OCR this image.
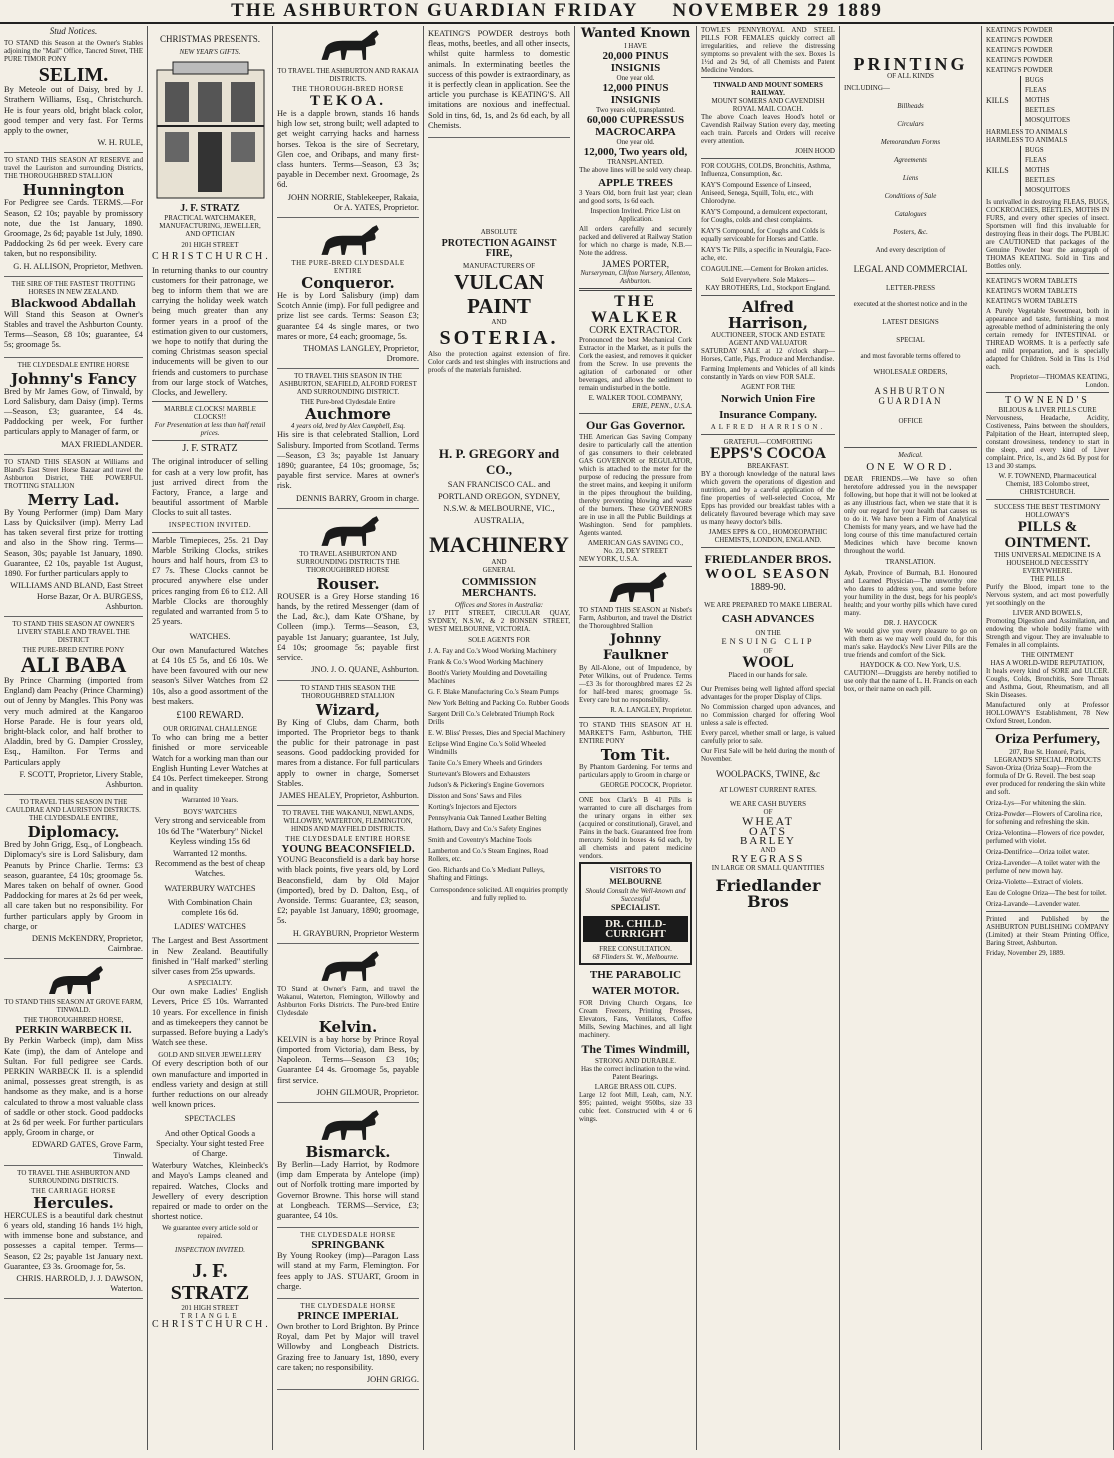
THE ASHBURTON GUARDIAN FRIDAY NOVEMBER 29 1889
Stud Notices.

TO STAND this Season at the Owner's Stables adjoining the "Mail" Office, Tancred Street, THE PURE TIMOR PONY

SELIM.

By Meteole out of Daisy, bred by J. Strathern Williams, Esq., Christchurch. He is four years old, bright black color, good temper and very fast. For Terms apply to the owner,

W. H. RULE,

TO STAND THIS SEASON AT RESERVE and travel the Lauriston and surrounding Districts, THE THOROUGHBRED STALLION

Hunnington

For Pedigree see Cards. TERMS.—For Season, £2 10s; payable by promissory note, due the 1st January, 1890. Groomage, 2s 6d; payable 1st July, 1890. Paddocking 2s 6d per week. Every care taken, but no responsibility.

G. H. ALLISON, Proprietor, Methven.

THE SIRE OF THE FASTEST TROTTING HORSES IN NEW ZEALAND.

Blackwood Abdallah

Will Stand this Season at Owner's Stables and travel the Ashburton County. Terms—Season, £8 10s; guarantee, £4 5s; groomage 5s.

THE CLYDESDALE ENTIRE HORSE

Johnny's Fancy

Bred by Mr James Gow, of Tinwald, by Lord Salisbury, dam Daisy (imp). Terms—Season, £3; guarantee, £4 4s. Paddocking per week, For further particulars apply to Manager of farm, or

MAX FRIEDLANDER.

TO STAND THIS SEASON at Williams and Bland's East Street Horse Bazaar and travel the Ashburton District, THE POWERFUL TROTTING STALLION

Merry Lad.

By Young Performer (imp) Dam Mary Lass by Quicksilver (imp). Merry Lad has taken several first prize for trotting and also in the Show ring. Terms—Season, 30s; payable 1st January, 1890. Guarantee, £2 10s, payable 1st August, 1890. For further particulars apply to

WILLIAMS AND BLAND, East Street Horse Bazar, Or A. BURGESS, Ashburton.

TO STAND THIS SEASON AT OWNER'S LIVERY STABLE AND TRAVEL THE DISTRICT

THE PURE-BRED ENTIRE PONY
ALI BABA

By Prince Charming (imported from England) dam Peachy (Prince Charming) out of Jenny by Mangles. This Pony was very much admired at the Kangaroo Horse Parade. He is four years old, bright-black color, and half brother to Aladdin, bred by G. Dampier Crossley, Esq., Hamilton. For Terms and Particulars apply

F. SCOTT, Proprietor, Livery Stable, Ashburton.

TO TRAVEL THIS SEASON IN THE CAULDRAE AND LAURISTON DISTRICTS. THE CLYDESDALE ENTIRE,

Diplomacy.

Bred by John Grigg, Esq., of Longbeach. Diplomacy's sire is Lord Salisbury, dam Peanuts by Prince Charlie. Terms: £3 season, guarantee, £4 10s; groomage 5s. Mares taken on behalf of owner. Good Paddocking for mares at 2s 6d per week, all care taken but no responsibility. For further particulars apply by Groom in charge, or

DENIS McKENDRY, Proprietor, Cairnbrae.

TO STAND THIS SEASON AT GROVE FARM, TINWALD.

THE THOROUGHBRED HORSE,
PERKIN WARBECK II.

By Perkin Warbeck (imp), dam Miss Kate (imp), the dam of Antelope and Sultan. For full pedigree see Cards. PERKIN WARBECK II. is a splendid animal, possesses great strength, is as handsome as they make, and is a horse calculated to throw a most valuable class of saddle or other stock. Good paddocks at 2s 6d per week. For further particulars apply, Groom in charge, or

EDWARD GATES, Grove Farm, Tinwald.

TO TRAVEL THE ASHBURTON AND SURROUNDING DISTRICTS.

THE CARRIAGE HORSE
Hercules.

HERCULES is a beautiful dark chestnut 6 years old, standing 16 hands 1½ high, with immense bone and substance, and possesses a capital temper. Terms—Season, £2 2s; payable 1st January next. Guarantee, £3 3s. Groomage for, 5s.

CHRIS. HARROLD, J. J. DAWSON, Waterton.
CHRISTMAS PRESENTS.
NEW YEAR'S GIFTS.
J. F. STRATZ
PRACTICAL WATCHMAKER, MANUFACTURING, JEWELLER, AND OPTICIAN
201 HIGH STREET
CHRISTCHURCH.

In returning thanks to our country customers for their patronage, we beg to inform them that we are carrying the holiday week watch being much greater than any former years in a proof of the estimation given to our customers, we hope to notify that during the coming Christmas season special inducements will be given to our friends and customers to purchase from our large stock of Watches, Clocks, and Jewellery.

MARBLE CLOCKS! MARBLE CLOCKS!!
For Presentation at less than half retail prices.
J. F. STRATZ

The original introducer of selling for cash at a very low profit, has just arrived direct from the Factory, France, a large and beautiful assortment of Marble Clocks to suit all tastes.

INSPECTION INVITED.

Marble Timepieces, 25s. 21 Day Marble Striking Clocks, strikes hours and half hours, from £3 to £7 7s. These Clocks cannot be procured anywhere else under prices ranging from £6 to £12. All Marble Clocks are thoroughly regulated and warranted from 5 to 25 years.

WATCHES.

Our own Manufactured Watches at £4 10s £5 5s, and £6 10s. We have been favoured with our new season's Silver Watches from £2 10s, also a good assortment of the best makers.

£100 REWARD.
OUR ORIGINAL CHALLENGE

To who can bring me a better finished or more serviceable Watch for a working man than our English Hunting Lever Watches at £4 10s. Perfect timekeeper. Strong and in quality

Warranted 10 Years.
BOYS' WATCHES

Very strong and serviceable from 10s 6d The "Waterbury" Nickel Keyless winding 15s 6d

Warranted 12 months. Recommend as the best of cheap Watches.

WATERBURY WATCHES

With Combination Chain complete 16s 6d.

LADIES' WATCHES

The Largest and Best Assortment in New Zealand. Beautifully finished in "Half marked" sterling silver cases from 25s upwards.

A SPECIALTY.

Our own make Ladies' English Levers, Price £5 10s. Warranted 10 years. For excellence in finish and as timekeepers they cannot be surpassed. Before buying a Lady's Watch see these.

GOLD AND SILVER JEWELLERY

Of every description both of our own manufacture and imported in endless variety and design at still further reductions on our already well known prices.

SPECTACLES

And other Optical Goods a Specialty. Your sight tested Free of Charge.

Waterbury Watches, Kleinbeck's and Mayo's Lamps cleaned and repaired. Watches, Clocks and Jewellery of every description repaired or made to order on the shortest notice.

We guarantee every article sold or repaired.

INSPECTION INVITED.
J. F. STRATZ
201 HIGH STREET
TRIANGLE
CHRISTCHURCH.

TO TRAVEL THE ASHBURTON AND RAKAIA DISTRICTS.

THE THOROUGH-BRED HORSE
TEKOA.

He is a dapple brown, stands 16 hands high low set, strong built; well adapted to get weight carrying hacks and harness horses. Tekoa is the sire of Secretary, Glen coe, and Oribaps, and many first-class hunters. Terms—Season, £3 3s; payable in December next. Groomage, 2s 6d.

JOHN NORRIE, Stablekeeper, Rakaia, Or A. YATES, Proprietor.
THE PURE-BRED CLYDESDALE ENTIRE
Conqueror.

He is by Lord Salisbury (imp) dam Scotch Annie (imp). For full pedigree and prize list see cards. Terms: Season £3; guarantee £4 4s single mares, or two mares or more, £4 each; groomage, 5s.

THOMAS LANGLEY, Proprietor, Dromore.

TO TRAVEL THIS SEASON IN THE ASHBURTON, SEAFIELD, ALFORD FOREST AND SURROUNDING DISTRICT.

THE Pure-bred Clydesdale Entire
Auchmore
4 years old, bred by Alex Campbell, Esq.

His sire is that celebrated Stallion, Lord Salisbury. Imported from Scotland. Terms—Season, £3 3s; payable 1st January 1890; guarantee, £4 10s; groomage, 5s; payable first service. Mares at owner's risk.

DENNIS BARRY, Groom in charge.

TO TRAVEL ASHBURTON AND SURROUNDING DISTRICTS THE THOROUGHBRED HORSE

Rouser.

ROUSER is a Grey Horse standing 16 hands, by the retired Messenger (dam of the Lad, &c.), dam Kate O'Shane, by Colleen (imp.). Terms—Season, £3, payable 1st January; guarantee, 1st July, £4 10s; groomage 5s; payable first service.

JNO. J. O. QUANE, Ashburton.

TO STAND THIS SEASON THE THOROUGHBRED STALLION

Wizard,

By King of Clubs, dam Charm, both imported. The Proprietor begs to thank the public for their patronage in past seasons. Good paddocking provided for mares from a distance. For full particulars apply to owner in charge, Somerset Stables.

JAMES HEALEY, Proprietor, Ashburton.

TO TRAVEL THE WAKANUI, NEWLANDS, WILLOWBY, WATERTON, FLEMINGTON, HINDS AND MAYFIELD DISTRICTS.

THE CLYDESDALE ENTIRE HORSE
YOUNG BEACONSFIELD.

YOUNG Beaconsfield is a dark bay horse with black points, five years old, by Lord Beaconsfield, dam by Old Major (imported), bred by D. Dalton, Esq., of Avonside. Terms: Guarantee, £3; season, £2; payable 1st January, 1890; groomage, 5s.

H. GRAYBURN, Proprietor Westerm

TO Stand at Owner's Farm, and travel the Wakanui, Waterton, Flemington, Willowby and Ashburton Forks Districts. The Pure-bred Entire Clydesdale

Kelvin.

KELVIN is a bay horse by Prince Royal (imported from Victoria), dam Bess, by Napoleon. Terms—Season £3 10s; Guarantee £4 4s. Groomage 5s, payable first service.

JOHN GILMOUR, Proprietor.
Bismarck.

By Berlin—Lady Harriot, by Rodmore (imp dam Emperata by Antelope (imp) out of Norfolk trotting mare imported by Governor Browne. This horse will stand at Longbeach. TERMS—Service, £3; guarantee, £4 10s.

THE CLYDESDALE HORSE
SPRINGBANK

By Young Rookey (imp)—Paragon Lass will stand at my Farm, Flemington. For fees apply to JAS. STUART, Groom in charge.

THE CLYDESDALE HORSE
PRINCE IMPERIAL

Own brother to Lord Brighton. By Prince Royal, dam Pet by Major will travel Willowby and Longbeach Districts. Grazing free to January 1st, 1890, every care taken; no responsibility.

JOHN GRIGG.

KEATING'S POWDER destroys both fleas, moths, beetles, and all other insects, whilst quite harmless to domestic animals. In exterminating beetles the success of this powder is extraordinary, as it is perfectly clean in application. See the article you purchase is KEATING'S. All imitations are noxious and ineffectual. Sold in tins, 6d, 1s, and 2s 6d each, by all Chemists.

ABSOLUTE
PROTECTION AGAINST FIRE,
MANUFACTURERS OF
VULCAN PAINT
AND
SOTERIA.

Also the protection against extension of fire. Color cards and test shingles with instructions and proofs of the materials furnished.

H. P. GREGORY and CO.,
SAN FRANCISCO CAL. and PORTLAND OREGON, SYDNEY, N.S.W. & MELBOURNE, VIC., AUSTRALIA,
MACHINERY
AND
GENERAL
COMMISSION MERCHANTS.
Offices and Stores in Australia:

17 PITT STREET, CIRCULAR QUAY, SYDNEY, N.S.W., & 2 BONSEN STREET, WEST MELBOURNE, VICTORIA.

SOLE AGENTS FOR

J. A. Fay and Co.'s Wood Working Machinery

Frank & Co.'s Wood Working Machinery

Booth's Variety Moulding and Dovetailing Machines

G. F. Blake Manufacturing Co.'s Steam Pumps

New York Belting and Packing Co. Rubber Goods

Sargent Drill Co.'s Celebrated Triumph Rock Drills

E. W. Bliss' Presses, Dies and Special Machinery

Eclipse Wind Engine Co.'s Solid Wheeled Windmills

Tanite Co.'s Emery Wheels and Grinders

Sturtevant's Blowers and Exhausters

Judson's & Pickering's Engine Governors

Disston and Sons' Saws and Files

Korting's Injectors and Ejectors

Pennsylvania Oak Tanned Leather Belting

Hathorn, Davy and Co.'s Safety Engines

Smith and Coventry's Machine Tools

Lamberton and Co.'s Steam Engines, Road Rollers, etc.

Geo. Richards and Co.'s Mediant Pulleys, Shafting and Fittings.

Correspondence solicited. All enquiries promptly and fully replied to.

Wanted Known
I HAVE
20,000 PINUS INSIGNIS
One year old.
12,000 PINUS INSIGNIS
Two years old, transplanted.
60,000 CUPRESSUS MACROCARPA
One year old.
12,000, Two years old,
TRANSPLANTED.
The above lines will be sold very cheap.
APPLE TREES

3 Years Old, born fruit last year; clean and good sorts, 1s 6d each.

Inspection Invited. Price List on Application.

All orders carefully and securely packed and delivered at Railway Station for which no charge is made, N.B.—Note the address.

JAMES PORTER,
Nurseryman, Clifton Nursery, Allenton, Ashburton.
THE WALKER
CORK EXTRACTOR.

Pronounced the best Mechanical Cork Extractor in the Market, as it pulls the Cork the easiest, and removes it quicker from the Screw. In use prevents the agitation of carbonated or other beverages, and allows the sediment to remain undisturbed in the bottle.

E. WALKER TOOL COMPANY,
ERIE, PENN., U.S.A.
Our Gas Governor.

THE American Gas Saving Company desire to particularly call the attention of gas consumers to their celebrated GAS GOVERNOR or REGULATOR, which is attached to the meter for the purpose of reducing the pressure from the street mains, and keeping it uniform in the pipes throughout the building, thereby preventing blowing and waste of the burners. These GOVERNORS are in use in all the Public Buildings at Washington. Send for pamphlets. Agents wanted.

AMERICAN GAS SAVING CO.,
No. 23, DEY STREET
NEW YORK, U.S.A.

TO STAND THIS SEASON at Nisbet's Farm, Ashburton, and travel the District the Thoroughbred Stallion

Johnny Faulkner

By All-Alone, out of Impudence, by Peter Wilkins, out of Prudence. Terms—£3 3s for thoroughbred mares £2 2s for half-bred mares; groomage 5s. Every care but no responsibility.

R. A. LANGLEY, Proprietor.

TO STAND THIS SEASON AT H. MARKET'S Farm, Ashburton, THE ENTIRE PONY

Tom Tit.

By Phantom Gardening. For terms and particulars apply to Groom in charge or

GEORGE POCOCK, Proprietor.

ONE box Clark's B 41 Pills is warranted to cure all discharges from the urinary organs in either sex (acquired or constitutional), Gravel, and Pains in the back. Guaranteed free from mercury. Sold in boxes 4s 6d each, by all chemists and patent medicine vendors.

VISITORS TO MELBOURNE
Should Consult the Well-known and Successful
SPECIALIST.
DR. CHILD-CURRIGHT
FREE CONSULTATION.
68 Flinders St. W., Melbourne.
THE PARABOLIC WATER MOTOR.

FOR Driving Church Organs, Ice Cream Freezers, Printing Presses, Elevators, Fans, Ventilators, Coffee Mills, Sewing Machines, and all light machinery.

The Times Windmill,
STRONG AND DURABLE.

Has the correct inclination to the wind. Patent Bearings.

LARGE BRASS OIL CUPS.

Large 12 foot Mill, Leah, cam, N.Y. $95; painted, weight 950lbs, size 33 cubic feet. Constructed with 4 or 6 wings.

TOWLE'S PENNYROYAL AND STEEL PILLS FOR FEMALES quickly correct all irregularities, and relieve the distressing symptoms so prevalent with the sex. Boxes 1s 1½d and 2s 9d, of all Chemists and Patent Medicine Vendors.

TINWALD AND MOUNT SOMERS RAILWAY.
MOUNT SOMERS AND CAVENDISH ROYAL MAIL COACH.

The above Coach leaves Hood's hotel or Cavendish Railway Station every day, meeting each train. Parcels and Orders will receive every attention.

JOHN HOOD

FOR COUGHS, COLDS, Bronchitis, Asthma, Influenza, Consumption, &c.

KAY'S Compound Essence of Linseed, Aniseed, Senega, Squill, Tolu, etc., with Chlorodyne.

KAY'S Compound, a demulcent expectorant, for Coughs, colds and chest complaints.

KAY'S Compound, for Coughs and Colds is equally serviceable for Horses and Cattle.

KAY'S Tic Pills, a specific in Neuralgia, Face-ache, etc.

COAGULINE.—Cement for Broken articles.

Sold Everywhere. Sole Makers—
KAY BROTHERS, Ltd., Stockport England.
Alfred Harrison,
AUCTIONEER, STOCK AND ESTATE AGENT AND VALUATOR

SATURDAY SALE at 12 o'clock sharp—Horses, Cattle, Pigs, Produce and Merchandise.

Farming Implements and Vehicles of all kinds constantly in Yards on view FOR SALE.

AGENT FOR THE
Norwich Union Fire Insurance Company.
ALFRED HARRISON.
GRATEFUL—COMFORTING
EPPS'S COCOA
BREAKFAST.

BY a thorough knowledge of the natural laws which govern the operations of digestion and nutrition, and by a careful application of the fine properties of well-selected Cocoa, Mr Epps has provided our breakfast tables with a delicately flavoured beverage which may save us many heavy doctor's bills.

JAMES EPPS & CO., HOMOEOPATHIC CHEMISTS, LONDON, ENGLAND.
FRIEDLANDER BROS.
WOOL SEASON
1889-90.
WE ARE PREPARED TO MAKE LIBERAL
CASH ADVANCES
ON THE
ENSUING CLIP
OF
WOOL
Placed in our hands for sale.

Our Premises being well lighted afford special advantages for the proper Display of Clips.

No Commission charged upon advances, and no Commission charged for offering Wool unless a sale is effected.

Every parcel, whether small or large, is valued carefully prior to sale.

Our First Sale will be held during the month of November.

WOOLPACKS, TWINE, &c
AT LOWEST CURRENT RATES.
WE ARE CASH BUYERS
OF
WHEAT
OATS
BARLEY
AND
RYEGRASS
IN LARGE OR SMALL QUANTITIES
Friedlander Bros
PRINTING
OF ALL KINDS
INCLUDING—
Billheads
Circulars
Memorandum Forms
Agreements
Liens
Conditions of Sale
Catalogues
Posters, &c.
And every description of
LEGAL AND COMMERCIAL
LETTER-PRESS
executed at the shortest notice and in the
LATEST DESIGNS
SPECIAL
and most favorable terms offered to
WHOLESALE ORDERS,
ASHBURTON GUARDIAN
OFFICE
Medical.
ONE WORD.

DEAR FRIENDS.—We have so often heretofore addressed you in the newspaper following, but hope that it will not be looked at as any illustrious fact, when we state that it is only our regard for your health that causes us to do it. We have been a Firm of Analytical Chemists for many years, and we have had the long course of this time manufactured certain Medicines which have become known throughout the world.

TRANSLATION.

Aykab, Province of Burmah, B.I. Honoured and Learned Physician—The unworthy one who dares to address you, and some before your humility in the dust, begs for his people's health; and your worthy pills which have cured many.

DR. J. HAYCOCK

We would give you every pleasure to go on with them as we may well could do, for this man's sake. Haydock's New Liver Pills are the true friends and comfort of the Sick.

HAYDOCK & CO. New York, U.S.

CAUTION!—Druggists are hereby notified to use only that the name of L. H. Francis on each box, or their name on each pill.

KEATING'S POWDER

KEATING'S POWDER

KEATING'S POWDER

KEATING'S POWDER

KEATING'S POWDER

KILLS

BUGS

FLEAS

MOTHS

BEETLES

MOSQUITOES

HARMLESS TO ANIMALS
HARMLESS TO ANIMALS
KILLS

BUGS

FLEAS

MOTHS

BEETLES

MOSQUITOES

Is unrivalled in destroying FLEAS, BUGS, COCKROACHES, BEETLES, MOTHS IN FURS, and every other species of insect. Sportsmen will find this invaluable for destroying fleas in their dogs. The PUBLIC are CAUTIONED that packages of the Genuine Powder bear the autograph of THOMAS KEATING. Sold in Tins and Bottles only.

KEATING'S WORM TABLETS

KEATING'S WORM TABLETS

KEATING'S WORM TABLETS

A Purely Vegetable Sweetmeat, both in appearance and taste, furnishing a most agreeable method of administering the only certain remedy for INTESTINAL or THREAD WORMS. It is a perfectly safe and mild preparation, and is specially adapted for Children. Sold in Tins 1s 1½d each.

Proprietor—THOMAS KEATING, London.
TOWNEND'S
BILIOUS & LIVER PILLS CURE

Nervousness, Headache, Acidity, Costiveness, Pains between the shoulders, Palpitation of the Heart, interrupted sleep, constant drowsiness, tendency to start in the sleep, and every kind of Liver complaint. Price, 1s., and 2s 6d. By post for 13 and 30 stamps.

W. F. TOWNEND, Pharmaceutical Chemist, 183 Colombo street, CHRISTCHURCH.
SUCCESS THE BEST TESTIMONY
HOLLOWAY'S
PILLS & OINTMENT.
THIS UNIVERSAL MEDICINE IS A HOUSEHOLD NECESSITY EVERYWHERE.
THE PILLS

Purify the Blood, impart tone to the Nervous system, and act most powerfully yet soothingly on the

LIVER AND BOWELS,

Promoting Digestion and Assimilation, and endowing the whole bodily frame with Strength and vigour. They are invaluable to Females in all complaints.

THE OINTMENT
HAS A WORLD-WIDE REPUTATION,

It heals every kind of SORE and ULCER. Coughs, Colds, Bronchitis, Sore Throats and Asthma, Gout, Rheumatism, and all Skin Diseases.

Manufactured only at Professor HOLLOWAY'S Establishment, 78 New Oxford Street, London.

Oriza Perfumery,
207, Rue St. Honoré, Paris,
LEGRAND'S SPECIAL PRODUCTS

Savon-Oriza (Oriza Soap)—From the formula of Dr G. Reveil. The best soap ever produced for rendering the skin white and soft.

Oriza-Lys—For whitening the skin.

Oriza-Powder—Flowers of Carolina rice, for softening and refreshing the skin.

Oriza-Velontina—Flowers of rice powder, perfumed with violet.

Oriza-Dentifrice—Oriza toilet water.

Oriza-Lavender—A toilet water with the perfume of new mown hay.

Oriza-Violette—Extract of violets.

Eau de Cologne Oriza—The best for toilet.

Oriza-Lavande—Lavender water.

Printed and Published by the ASHBURTON PUBLISHING COMPANY (Limited) at their Steam Printing Office, Baring Street, Ashburton.

Friday, November 29, 1889.
